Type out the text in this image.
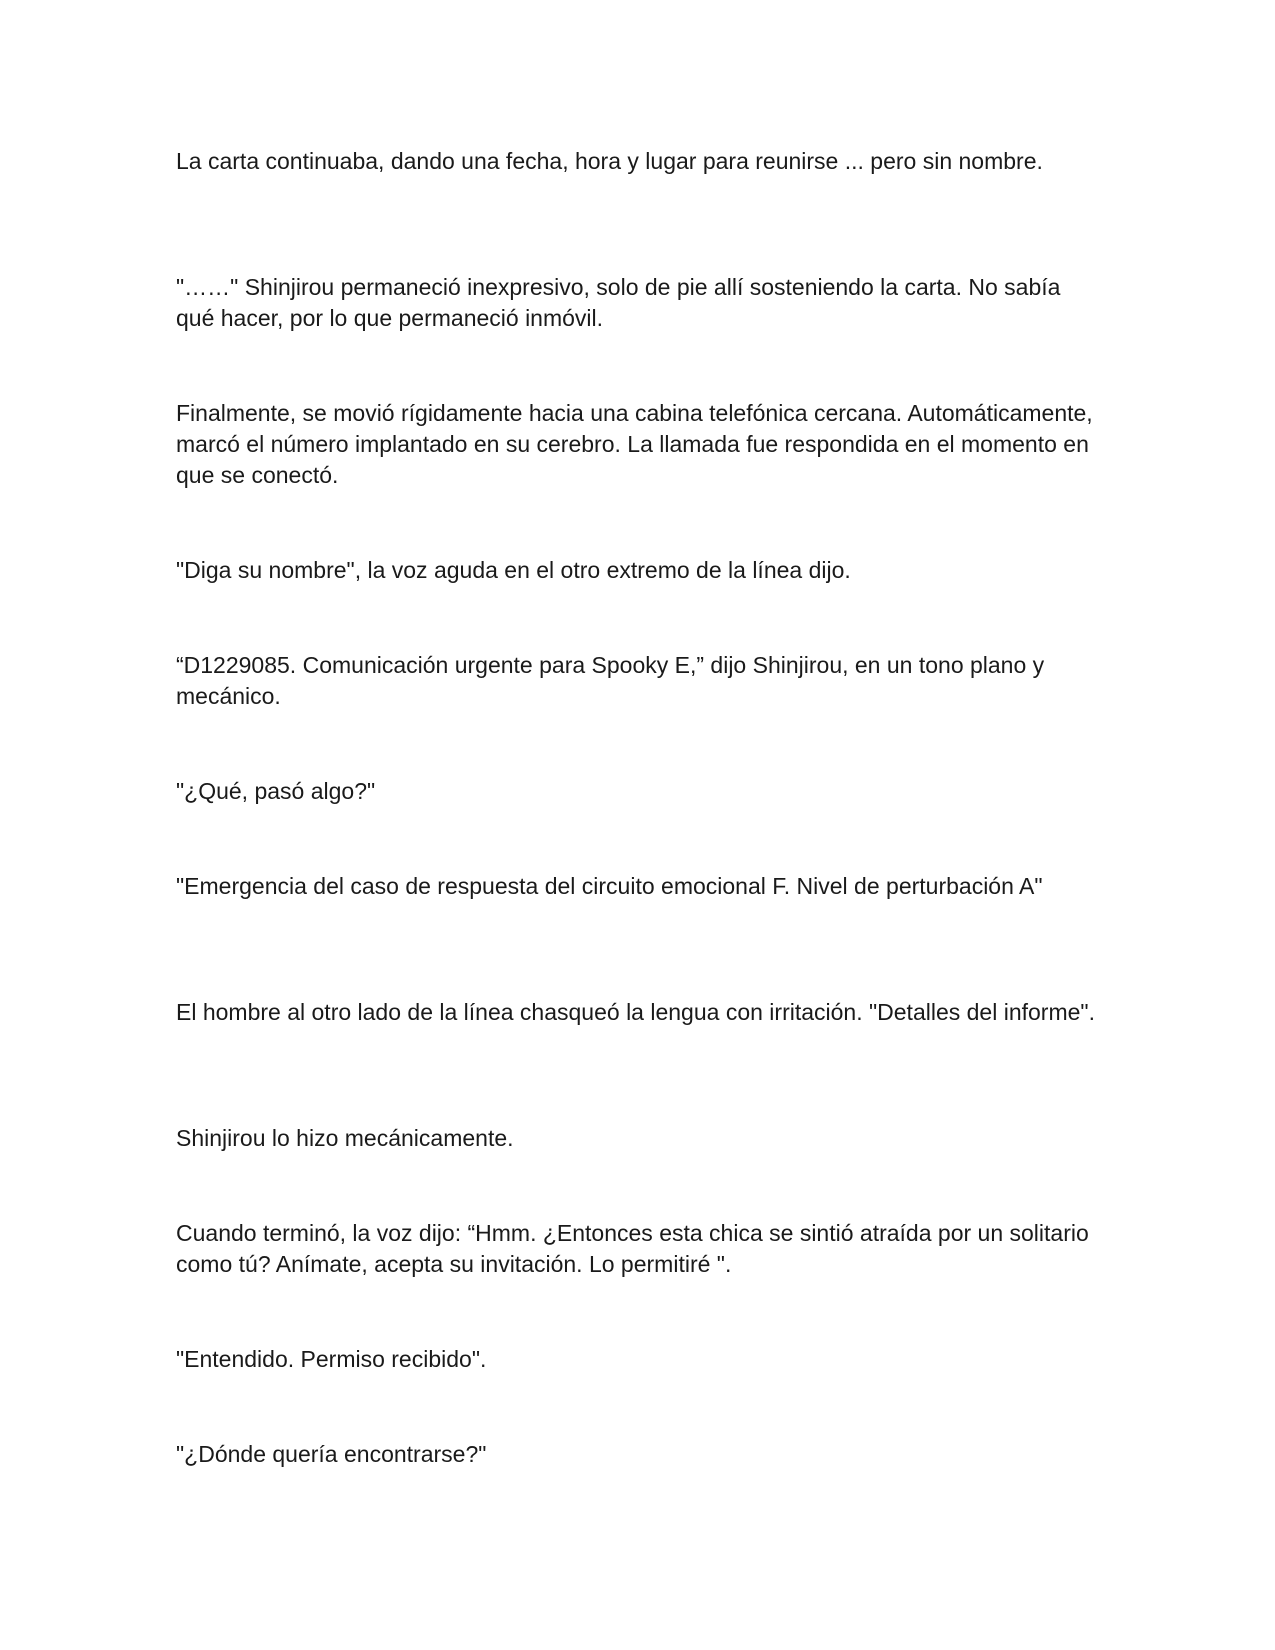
La carta continuaba, dando una fecha, hora y lugar para reunirse ... pero sin nombre.

"……" Shinjirou permaneció inexpresivo, solo de pie allí sosteniendo la carta. No sabía qué hacer, por lo que permaneció inmóvil.

Finalmente, se movió rígidamente hacia una cabina telefónica cercana. Automáticamente, marcó el número implantado en su cerebro. La llamada fue respondida en el momento en que se conectó.

"Diga su nombre", la voz aguda en el otro extremo de la línea dijo.

“D1229085. Comunicación urgente para Spooky E,” dijo Shinjirou, en un tono plano y mecánico.

"¿Qué, pasó algo?"

"Emergencia del caso de respuesta del circuito emocional F. Nivel de perturbación A"

El hombre al otro lado de la línea chasqueó la lengua con irritación. "Detalles del informe".

Shinjirou lo hizo mecánicamente.

Cuando terminó, la voz dijo: “Hmm. ¿Entonces esta chica se sintió atraída por un solitario como tú? Anímate, acepta su invitación. Lo permitiré ".

"Entendido. Permiso recibido".

"¿Dónde quería encontrarse?"
